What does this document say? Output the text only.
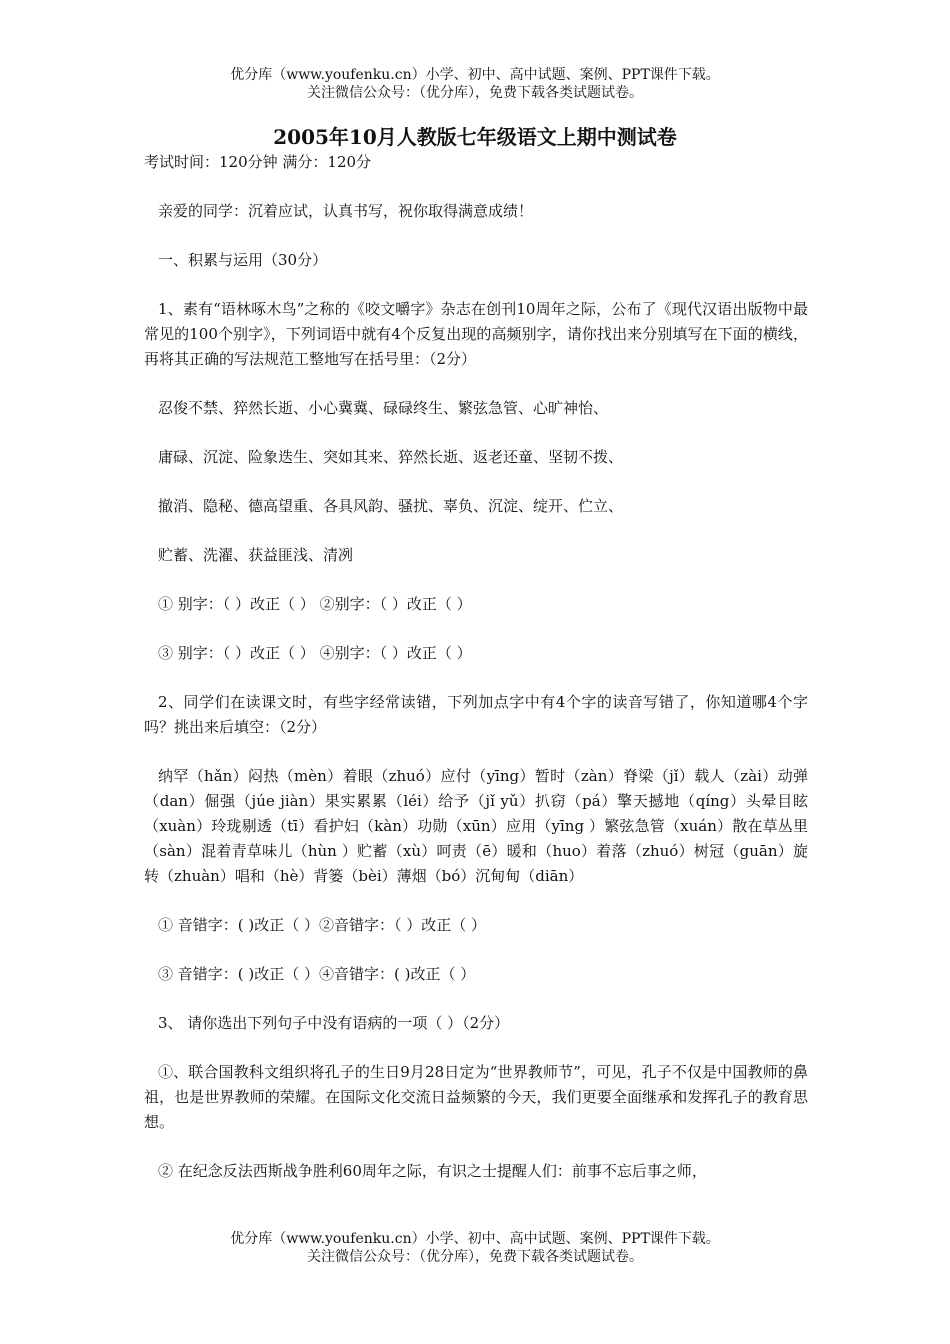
优分库（www.youfenku.cn）小学、初中、高中试题、案例、PPT课件下载。
关注微信公众号：（优分库），免费下载各类试题试卷。
2005年10月人教版七年级语文上期中测试卷

考试时间：120分钟 满分：120分

亲爱的同学：沉着应试，认真书写，祝你取得满意成绩！

一、积累与运用（30分）

1、素有“语林啄木鸟”之称的《咬文嚼字》杂志在创刊10周年之际，公布了《现代汉语出版物中最常见的100个别字》，下列词语中就有4个反复出现的高频别字，请你找出来分别填写在下面的横线，再将其正确的写法规范工整地写在括号里：（2分）

忍俊不禁、猝然长逝、小心冀冀、碌碌终生、繁弦急管、心旷神怡、

庸碌、沉淀、险象迭生、突如其来、猝然长逝、返老还童、坚韧不拨、

撤消、隐秘、德高望重、各具风韵、骚扰、辜负、沉淀、绽开、伫立、

贮蓄、洗濯、获益匪浅、清冽

① 别字：（ ）改正（ ） ②别字：（ ）改正（ ）

③ 别字：（ ）改正（ ） ④别字：（ ）改正（ ）

2、同学们在读课文时，有些字经常读错，下列加点字中有4个字的读音写错了，你知道哪4个字吗？挑出来后填空：（2分）

纳罕（hǎn）闷热（mèn）着眼（zhuó）应付（yīng）暂时（zàn）脊梁（jǐ）载人（zài）动弹（dan）倔强（júe jiàn）果实累累（léi）给予（jǐ yǔ）扒窃（pá）擎天撼地（qíng）头晕目眩（xuàn）玲珑剔透（tī）看护妇（kàn）功勋（xūn）应用（yīng ）繁弦急管（xuán）散在草丛里（sàn）混着青草味儿（hùn ）贮蓄（xù）呵责（ē）暖和（huo）着落（zhuó）树冠（guān）旋转（zhuàn）唱和（hè）背篓（bèi）薄烟（bó）沉甸甸（diān）

① 音错字：( )改正（ ）②音错字：（ ）改正（ ）

③ 音错字：( )改正（ ）④音错字：( )改正（ ）

3、 请你选出下列句子中没有语病的一项（ ）（2分）

①、联合国教科文组织将孔子的生日9月28日定为“世界教师节”，可见，孔子不仅是中国教师的鼻祖，也是世界教师的荣耀。在国际文化交流日益频繁的今天，我们更要全面继承和发挥孔子的教育思想。

② 在纪念反法西斯战争胜利60周年之际，有识之士提醒人们：前事不忘后事之师，

优分库（www.youfenku.cn）小学、初中、高中试题、案例、PPT课件下载。
关注微信公众号：（优分库），免费下载各类试题试卷。
